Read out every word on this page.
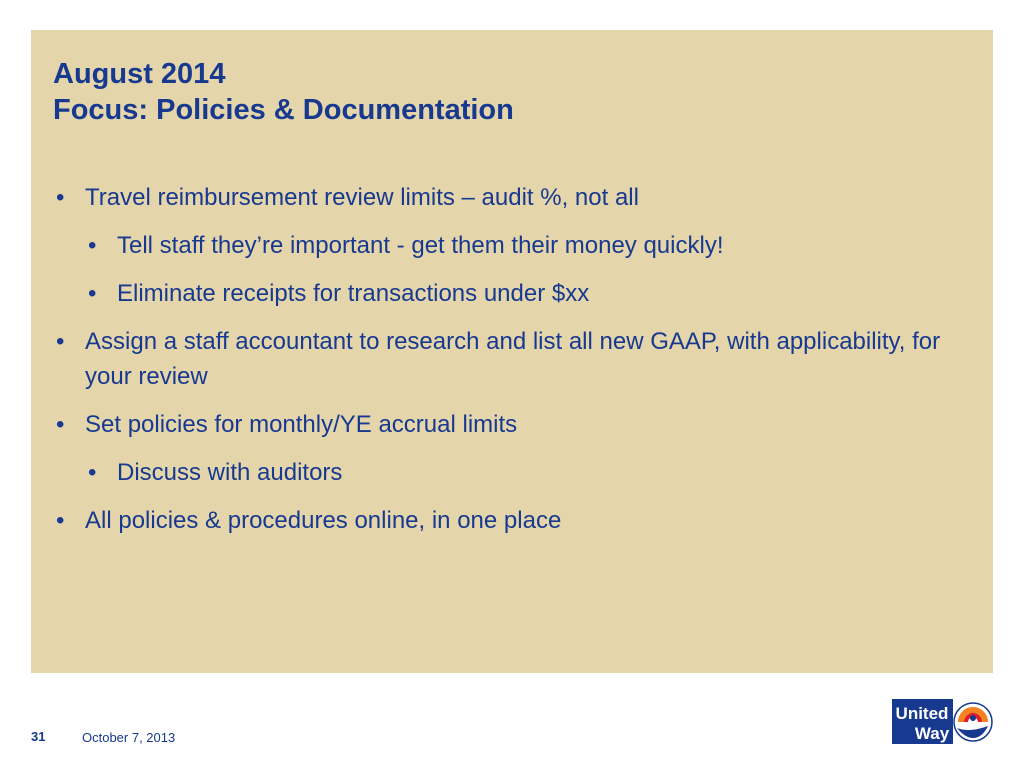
August 2014
Focus: Policies & Documentation
• Travel reimbursement review limits – audit %, not all
• Tell staff they’re important - get them their money quickly!
• Eliminate receipts for transactions under $xx
• Assign a staff accountant to research and list all new GAAP, with applicability, for your review
• Set policies for monthly/YE accrual limits
• Discuss with auditors
• All policies & procedures online, in one place
31	October 7, 2013
United
Way
